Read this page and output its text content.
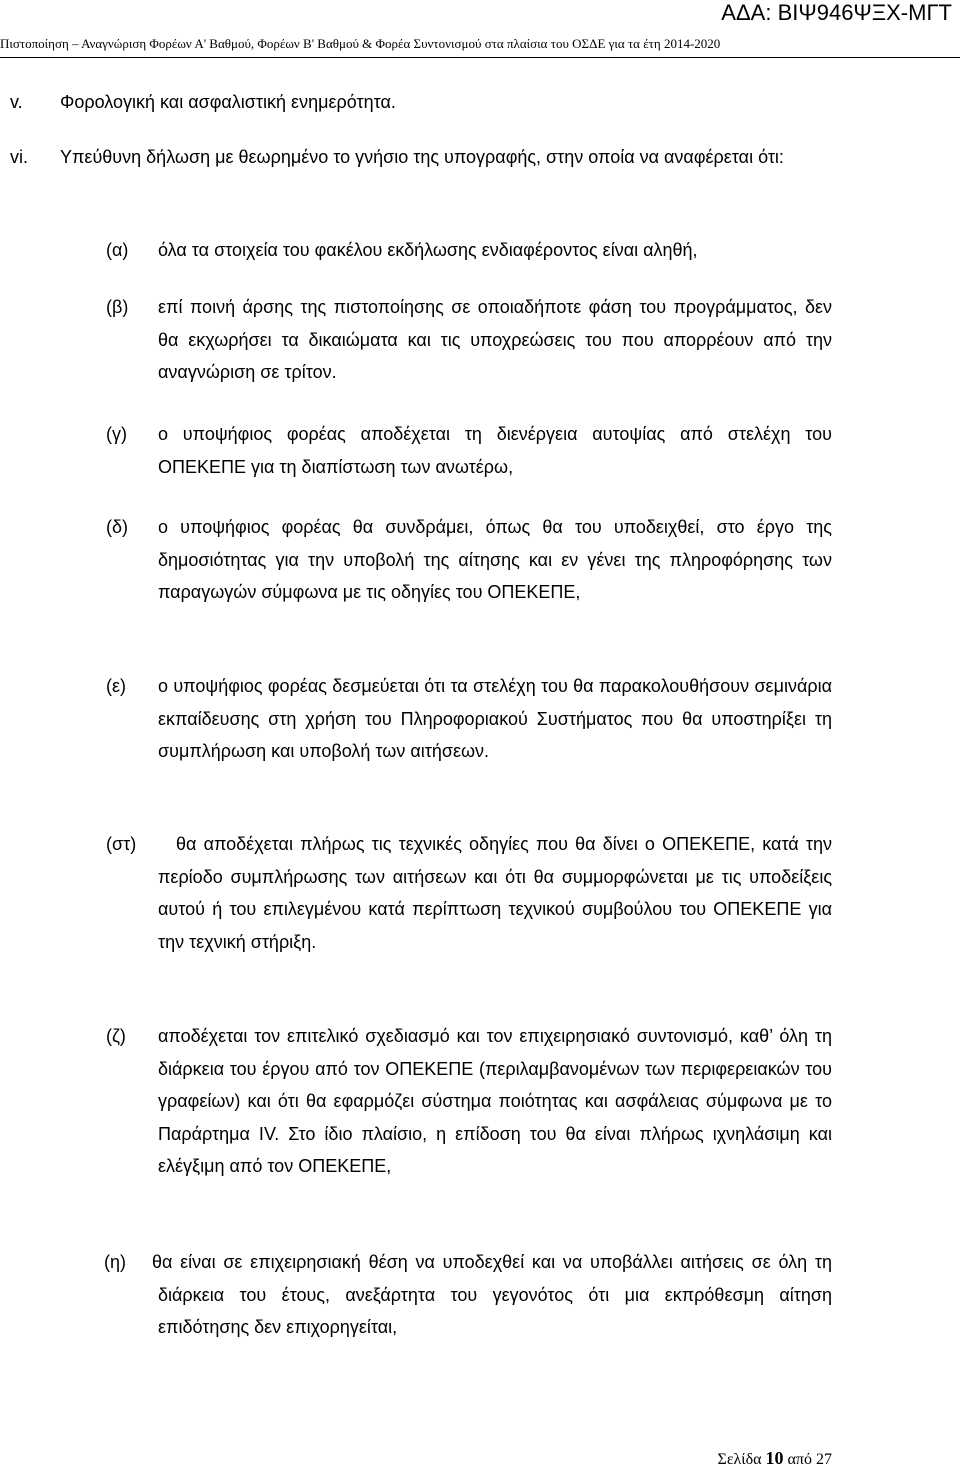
ΑΔΑ: ΒΙΨ946ΨΞΧ-ΜΓΤ
Πιστοποίηση – Αναγνώριση Φορέων Α' Βαθμού, Φορέων Β' Βαθμού & Φορέα Συντονισμού στα πλαίσια του ΟΣΔΕ για τα έτη 2014-2020
v. Φορολογική και ασφαλιστική ενημερότητα.
vi.	Υπεύθυνη δήλωση με θεωρημένο το γνήσιο της υπογραφής, στην οποία να αναφέρεται ότι:
(α) όλα τα στοιχεία του φακέλου εκδήλωσης ενδιαφέροντος είναι αληθή,
(β) επί ποινή άρσης της πιστοποίησης σε οποιαδήποτε φάση του προγράμματος, δεν θα εκχωρήσει τα δικαιώματα και τις υποχρεώσεις του που απορρέουν από την αναγνώριση σε τρίτον.
(γ) ο υποψήφιος φορέας αποδέχεται τη διενέργεια αυτοψίας από στελέχη του ΟΠΕΚΕΠΕ για τη διαπίστωση των ανωτέρω,
(δ) ο υποψήφιος φορέας θα συνδράμει, όπως θα του υποδειχθεί, στο έργο της δημοσιότητας για την υποβολή της αίτησης και εν γένει της πληροφόρησης των παραγωγών σύμφωνα με τις οδηγίες του ΟΠΕΚΕΠΕ,
(ε) ο υποψήφιος φορέας δεσμεύεται ότι τα στελέχη του θα παρακολουθήσουν σεμινάρια εκπαίδευσης στη χρήση του Πληροφοριακού Συστήματος που θα υποστηρίξει τη συμπλήρωση και υποβολή των αιτήσεων.
(στ)	θα αποδέχεται πλήρως τις τεχνικές οδηγίες που θα δίνει ο ΟΠΕΚΕΠΕ, κατά την περίοδο συμπλήρωσης των αιτήσεων και ότι θα συμμορφώνεται με τις υποδείξεις αυτού ή του επιλεγμένου κατά περίπτωση τεχνικού συμβούλου του ΟΠΕΚΕΠΕ για την τεχνική στήριξη.
(ζ) αποδέχεται τον επιτελικό σχεδιασμό και τον επιχειρησιακό συντονισμό, καθ’ όλη τη διάρκεια του έργου από τον ΟΠΕΚΕΠΕ (περιλαμβανομένων των περιφερειακών του γραφείων) και ότι θα εφαρμόζει σύστημα ποιότητας και ασφάλειας σύμφωνα με το Παράρτημα ΙV. Στο ίδιο πλαίσιο, η επίδοση του θα είναι πλήρως ιχνηλάσιμη και ελέγξιμη από τον ΟΠΕΚΕΠΕ,
(η) θα είναι σε επιχειρησιακή θέση να υποδεχθεί και να υποβάλλει αιτήσεις σε όλη τη διάρκεια του έτους, ανεξάρτητα του γεγονότος ότι μια εκπρόθεσμη αίτηση επιδότησης δεν επιχορηγείται,
Σελίδα 10 από 27
